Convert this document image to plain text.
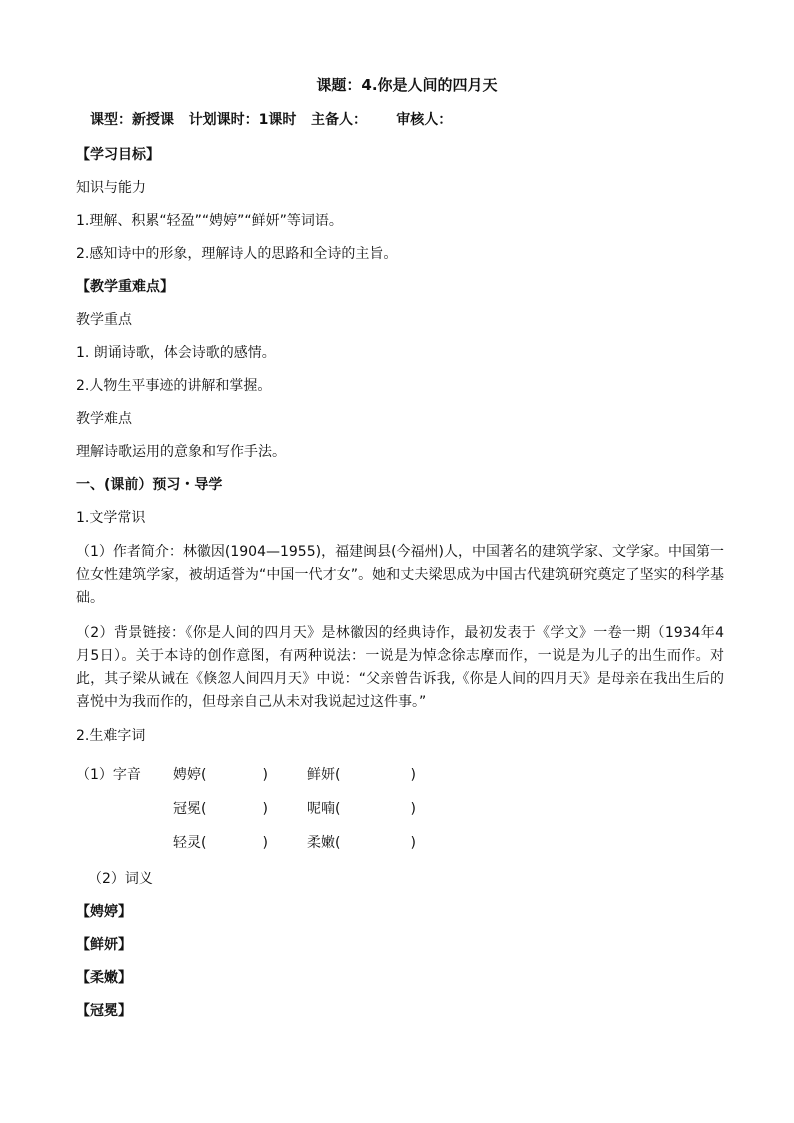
课题：4.你是人间的四月天
课型：新授课 计划课时：1课时 主备人： 审核人：
【学习目标】
知识与能力
1.理解、积累“轻盈”“娉婷”“鲜妍”等词语。
2.感知诗中的形象，理解诗人的思路和全诗的主旨。
【教学重难点】
教学重点
1. 朗诵诗歌，体会诗歌的感情。
2.人物生平事迹的讲解和掌握。
教学难点
理解诗歌运用的意象和写作手法。
一、(课前）预习・导学
1.文学常识
（1）作者简介：林徽因(1904—1955)，福建闽县(今福州)人，中国著名的建筑学家、文学家。中国第一位女性建筑学家，被胡适誉为“中国一代才女”。她和丈夫梁思成为中国古代建筑研究奠定了坚实的科学基础。
（2）背景链接：《你是人间的四月天》是林徽因的经典诗作，最初发表于《学文》一卷一期（1934年4月5日）。关于本诗的创作意图，有两种说法：一说是为悼念徐志摩而作，一说是为儿子的出生而作。对此，其子梁从诫在《倏忽人间四月天》中说：“父亲曾告诉我,《你是人间的四月天》是母亲在我出生后的喜悦中为我而作的，但母亲自己从未对我说起过这件事。”
2.生难字词
（1）字音	娉婷(　　　　)	鲜妍(　　　　　)
冠冕(　　　　)	呢喃(　　　　　)
轻灵(　　　　)	柔嫩(　　　　　)
（2）词义
【娉婷】
【鲜妍】
【柔嫩】
【冠冕】
